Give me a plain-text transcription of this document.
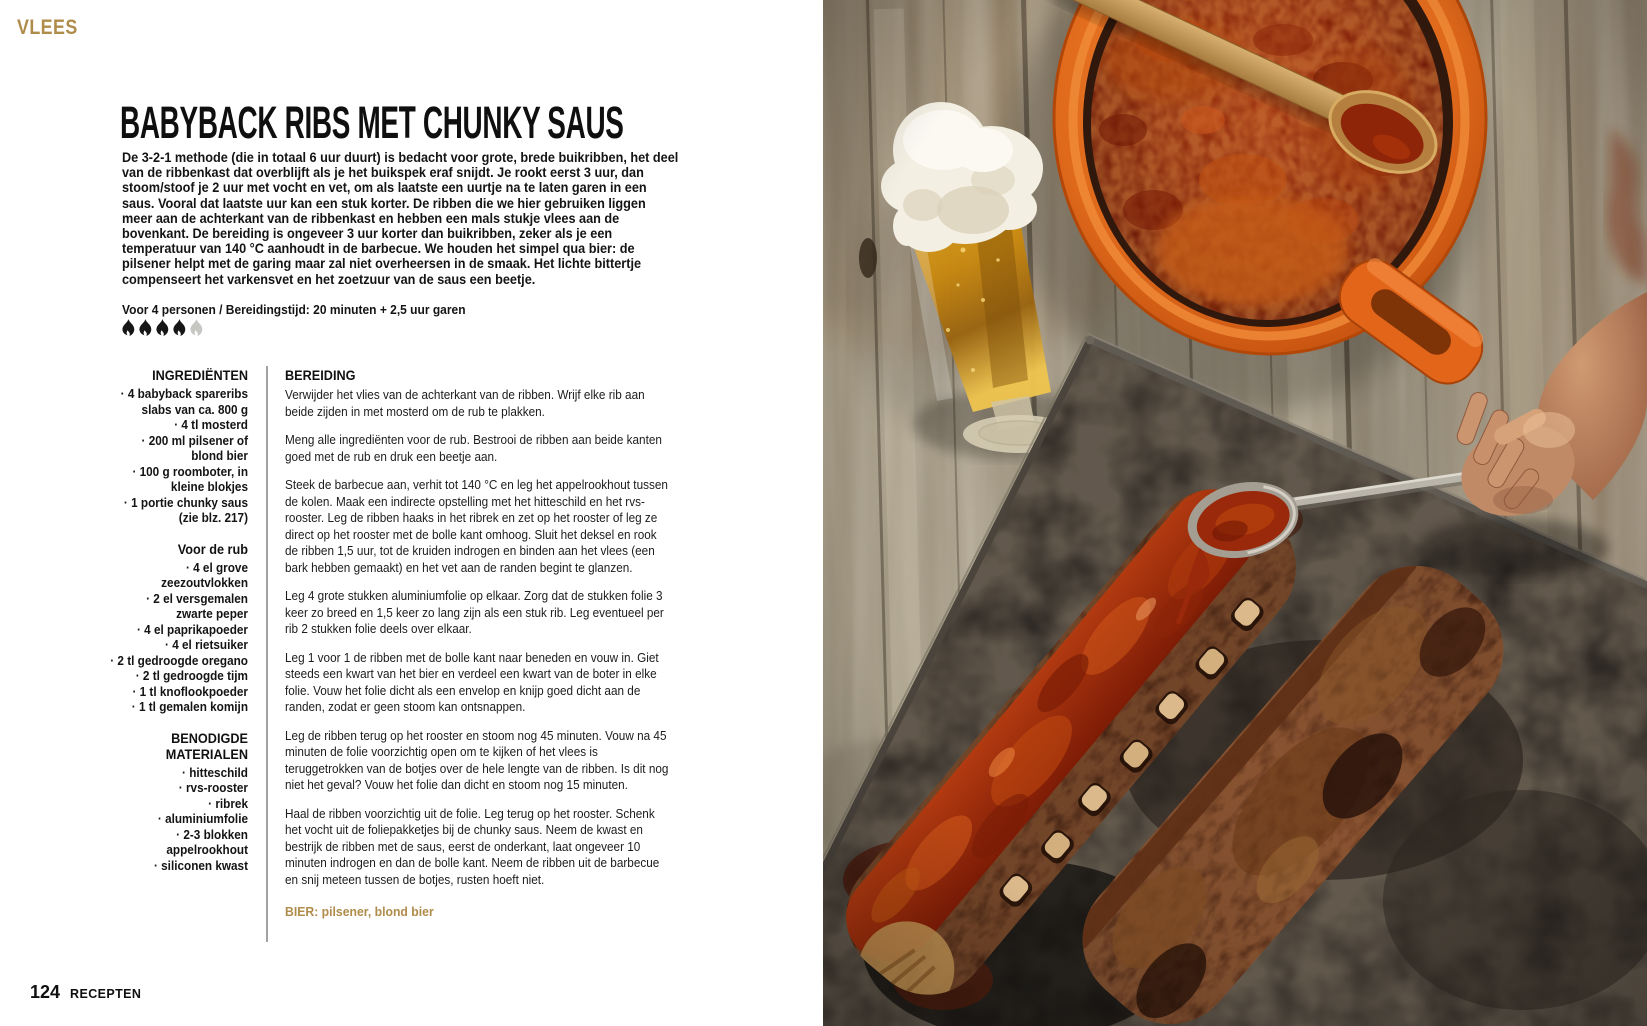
VLEES
BABYBACK RIBS MET CHUNKY SAUS

De 3-2-1 methode (die in totaal 6 uur duurt) is bedacht voor grote, brede buikribben, het deel van de ribbenkast dat overblijft als je het buikspek eraf snijdt. Je rookt eerst 3 uur, dan stoom/stoof je 2 uur met vocht en vet, om als laatste een uurtje na te laten garen in een saus. Vooral dat laatste uur kan een stuk korter. De ribben die we hier gebruiken liggen meer aan de achterkant van de ribbenkast en hebben een mals stukje vlees aan de bovenkant. De bereiding is ongeveer 3 uur korter dan buikribben, zeker als je een temperatuur van 140 °C aanhoudt in de barbecue. We houden het simpel qua bier: de pilsener helpt met de garing maar zal niet overheersen in de smaak. Het lichte bittertje compenseert het varkensvet en het zoetzuur van de saus een beetje.

Voor 4 personen / Bereidingstijd: 20 minuten + 2,5 uur garen
INGREDIËNTEN
· 4 babyback spareribs slabs van ca. 800 g
· 4 tl mosterd
· 200 ml pilsener of blond bier
· 100 g roomboter, in kleine blokjes
· 1 portie chunky saus (zie blz. 217)
Voor de rub
· 4 el grove zeezoutvlokken
· 2 el versgemalen zwarte peper
· 4 el paprikapoeder
· 4 el rietsuiker
· 2 tl gedroogde oregano
· 2 tl gedroogde tijm
· 1 tl knoflookpoeder
· 1 tl gemalen komijn
BENODIGDE MATERIALEN
· hitteschild
· rvs-rooster
· ribrek
· aluminiumfolie
· 2-3 blokken appelrookhout
· siliconen kwast
BEREIDING

Verwijder het vlies van de achterkant van de ribben. Wrijf elke rib aan beide zijden in met mosterd om de rub te plakken.

Meng alle ingrediënten voor de rub. Bestrooi de ribben aan beide kanten goed met de rub en druk een beetje aan.

Steek de barbecue aan, verhit tot 140 °C en leg het appelrookhout tussen de kolen. Maak een indirecte opstelling met het hitteschild en het rvs-rooster. Leg de ribben haaks in het ribrek en zet op het rooster of leg ze direct op het rooster met de bolle kant omhoog. Sluit het deksel en rook de ribben 1,5 uur, tot de kruiden indrogen en binden aan het vlees (een bark hebben gemaakt) en het vet aan de randen begint te glanzen.

Leg 4 grote stukken aluminiumfolie op elkaar. Zorg dat de stukken folie 3 keer zo breed en 1,5 keer zo lang zijn als een stuk rib. Leg eventueel per rib 2 stukken folie deels over elkaar.

Leg 1 voor 1 de ribben met de bolle kant naar beneden en vouw in. Giet steeds een kwart van het bier en verdeel een kwart van de boter in elke folie. Vouw het folie dicht als een envelop en knijp goed dicht aan de randen, zodat er geen stoom kan ontsnappen.

Leg de ribben terug op het rooster en stoom nog 45 minuten. Vouw na 45 minuten de folie voorzichtig open om te kijken of het vlees is teruggetrokken van de botjes over de hele lengte van de ribben. Is dit nog niet het geval? Vouw het folie dan dicht en stoom nog 15 minuten.

Haal de ribben voorzichtig uit de folie. Leg terug op het rooster. Schenk het vocht uit de foliepakketjes bij de chunky saus. Neem de kwast en bestrijk de ribben met de saus, eerst de onderkant, laat ongeveer 10 minuten indrogen en dan de bolle kant. Neem de ribben uit de barbecue en snij meteen tussen de botjes, rusten hoeft niet.

BIER: pilsener, blond bier
124 RECEPTEN
